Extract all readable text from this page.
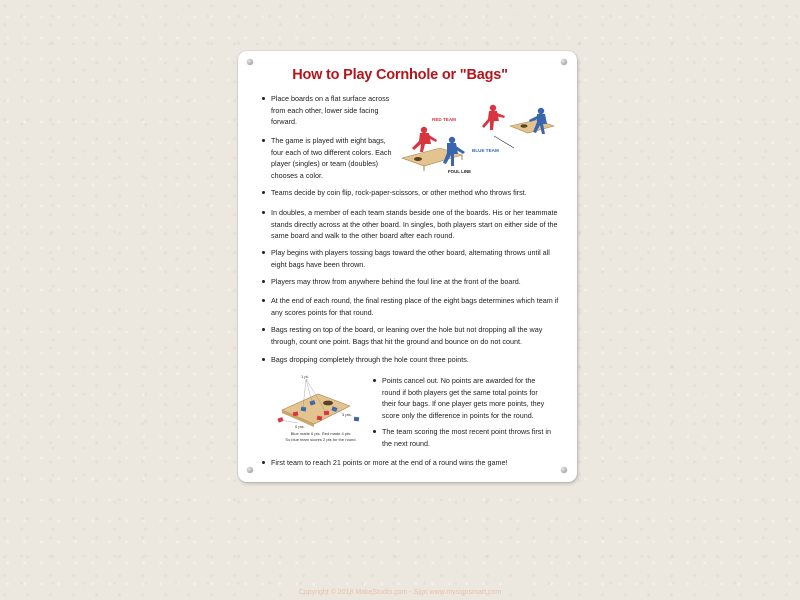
How to Play Cornhole or "Bags"
Place boards on a flat surface across from each other, lower side facing forward.
The game is played with eight bags, four each of two different colors. Each player (singles) or team (doubles) chooses a color.
Teams decide by coin flip, rock-paper-scissors, or other method who throws first.
In doubles, a member of each team stands beside one of the boards. His or her teammate stands directly across at the other board. In singles, both players start on either side of the same board and walk to the other board after each round.
Play begins with players tossing bags toward the other board, alternating throws until all eight bags have been thrown.
Players may throw from anywhere behind the foul line at the front of the board.
At the end of each round, the final resting place of the eight bags determines which team if any scores points for that round.
Bags resting on top of the board, or leaning over the hole but not dropping all the way through, count one point. Bags that hit the ground and bounce on do not count.
Bags dropping completely through the hole count three points.
Points cancel out. No points are awarded for the round if both players get the same total points for their four bags. If one player gets more points, they score only the difference in points for the round.
The team scoring the most recent point throws first in the next round.
First team to reach 21 points or more at the end of a round wins the game!
RED TEAM
BLUE TEAM
FOUL LINE
1 pt.
3 pts.
0 pts.
Blue made 6 pts. Red made 4 pts.
So blue team scores 2 pts for the round.
Copyright © 2018 MakeStudio.com - Sign www.mysignsmart.com
